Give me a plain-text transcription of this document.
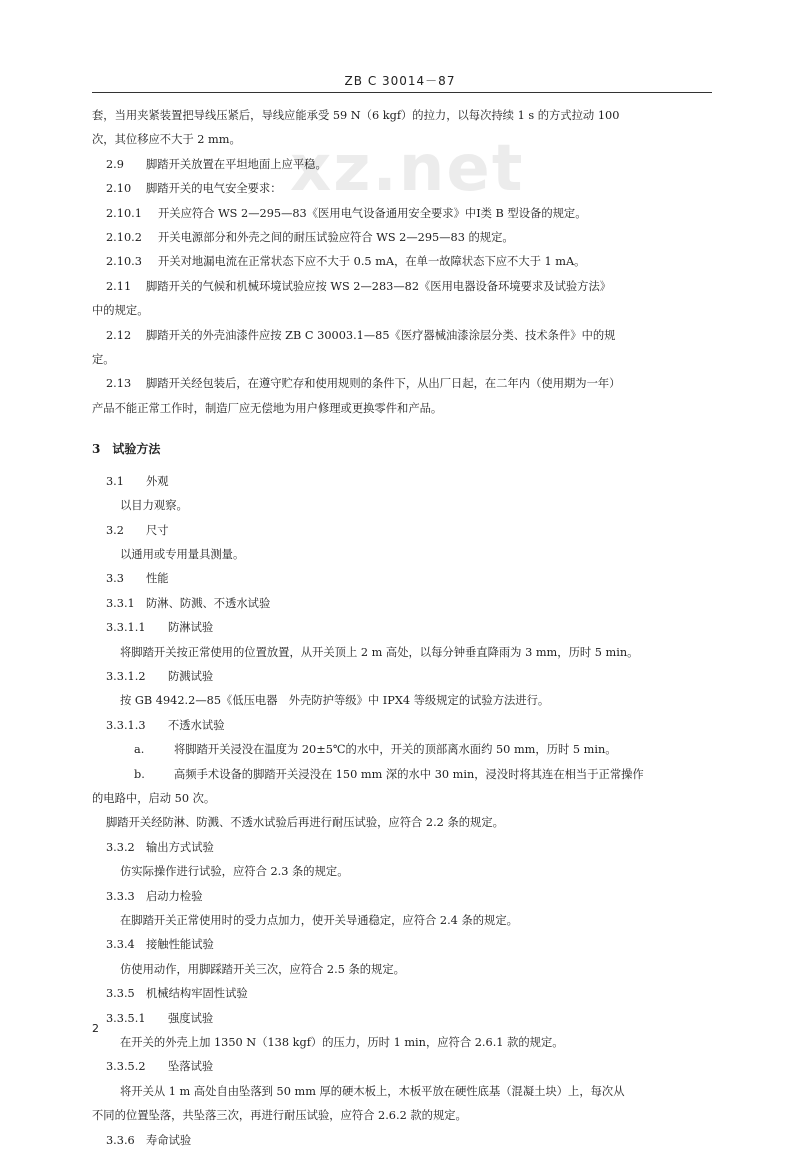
ZB C 30014－87
xz.net

套，当用夹紧装置把导线压紧后，导线应能承受 59 N（6 kgf）的拉力，以每次持续 1 s 的方式拉动 100

次，其位移应不大于 2 mm。

2.9 脚踏开关放置在平坦地面上应平稳。

2.10 脚踏开关的电气安全要求：

2.10.1 开关应符合 WS 2—295—83《医用电气设备通用安全要求》中Ⅰ类 B 型设备的规定。

2.10.2 开关电源部分和外壳之间的耐压试验应符合 WS 2—295—83 的规定。

2.10.3 开关对地漏电流在正常状态下应不大于 0.5 mA，在单一故障状态下应不大于 1 mA。

2.11 脚踏开关的气候和机械环境试验应按 WS 2—283—82《医用电器设备环境要求及试验方法》

中的规定。

2.12 脚踏开关的外壳油漆件应按 ZB C 30003.1—85《医疗器械油漆涂层分类、技术条件》中的规

定。

2.13 脚踏开关经包装后，在遵守贮存和使用规则的条件下，从出厂日起，在二年内（使用期为一年）

产品不能正常工作时，制造厂应无偿地为用户修理或更换零件和产品。

3　试验方法

3.1 外观

以目力观察。

3.2 尺寸

以通用或专用量具测量。

3.3 性能

3.3.1 防淋、防溅、不透水试验

3.3.1.1 防淋试验

将脚踏开关按正常使用的位置放置，从开关顶上 2 m 高处，以每分钟垂直降雨为 3 mm，历时 5 min。

3.3.1.2 防溅试验

按 GB 4942.2—85《低压电器　外壳防护等级》中 IPX4 等级规定的试验方法进行。

3.3.1.3 不透水试验

a.	将脚踏开关浸没在温度为 20±5℃的水中，开关的顶部离水面约 50 mm，历时 5 min。

b.	高频手术设备的脚踏开关浸没在 150 mm 深的水中 30 min，浸没时将其连在相当于正常操作

的电路中，启动 50 次。

脚踏开关经防淋、防溅、不透水试验后再进行耐压试验，应符合 2.2 条的规定。

3.3.2 输出方式试验

仿实际操作进行试验，应符合 2.3 条的规定。

3.3.3 启动力检验

在脚踏开关正常使用时的受力点加力，使开关导通稳定，应符合 2.4 条的规定。

3.3.4 接触性能试验

仿使用动作，用脚踩踏开关三次，应符合 2.5 条的规定。

3.3.5 机械结构牢固性试验

3.3.5.1 强度试验

在开关的外壳上加 1350 N（138 kgf）的压力，历时 1 min，应符合 2.6.1 款的规定。

3.3.5.2 坠落试验

将开关从 1 m 高处自由坠落到 50 mm 厚的硬木板上，木板平放在硬性底基（混凝土块）上，每次从

不同的位置坠落，共坠落三次，再进行耐压试验，应符合 2.6.2 款的规定。

3.3.6 寿命试验

2
